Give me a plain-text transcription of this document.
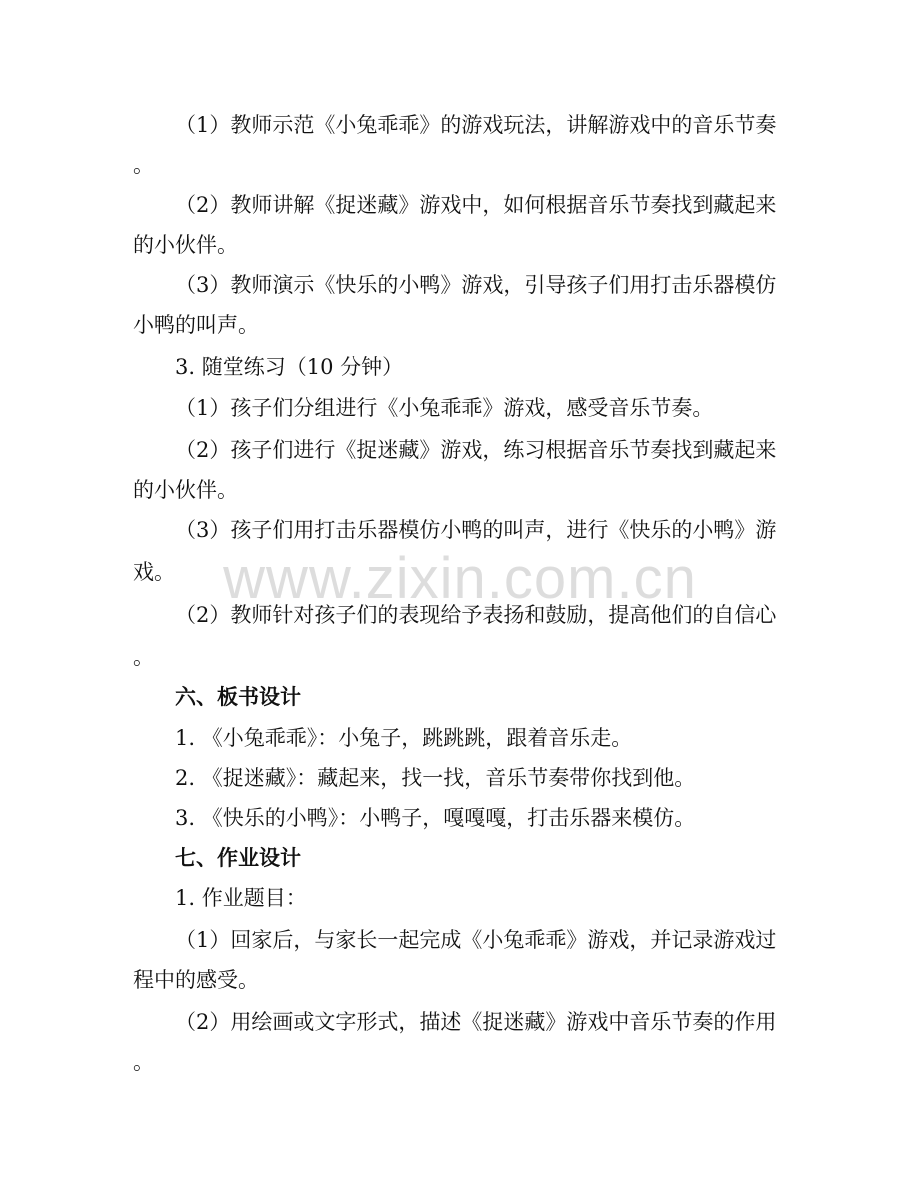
www.zixin.com.cn
（1）教师示范《小兔乖乖》的游戏玩法，讲解游戏中的音乐节奏
。
（2）教师讲解《捉迷藏》游戏中，如何根据音乐节奏找到藏起来
的小伙伴。
（3）教师演示《快乐的小鸭》游戏，引导孩子们用打击乐器模仿
小鸭的叫声。
3. 随堂练习（10 分钟）
（1）孩子们分组进行《小兔乖乖》游戏，感受音乐节奏。
（2）孩子们进行《捉迷藏》游戏，练习根据音乐节奏找到藏起来
的小伙伴。
（3）孩子们用打击乐器模仿小鸭的叫声，进行《快乐的小鸭》游
戏。
（2）教师针对孩子们的表现给予表扬和鼓励，提高他们的自信心
。
六、板书设计
1. 《小兔乖乖》：小兔子，跳跳跳，跟着音乐走。
2. 《捉迷藏》：藏起来，找一找，音乐节奏带你找到他。
3. 《快乐的小鸭》：小鸭子，嘎嘎嘎，打击乐器来模仿。
七、作业设计
1. 作业题目：
（1）回家后，与家长一起完成《小兔乖乖》游戏，并记录游戏过
程中的感受。
（2）用绘画或文字形式，描述《捉迷藏》游戏中音乐节奏的作用
。
